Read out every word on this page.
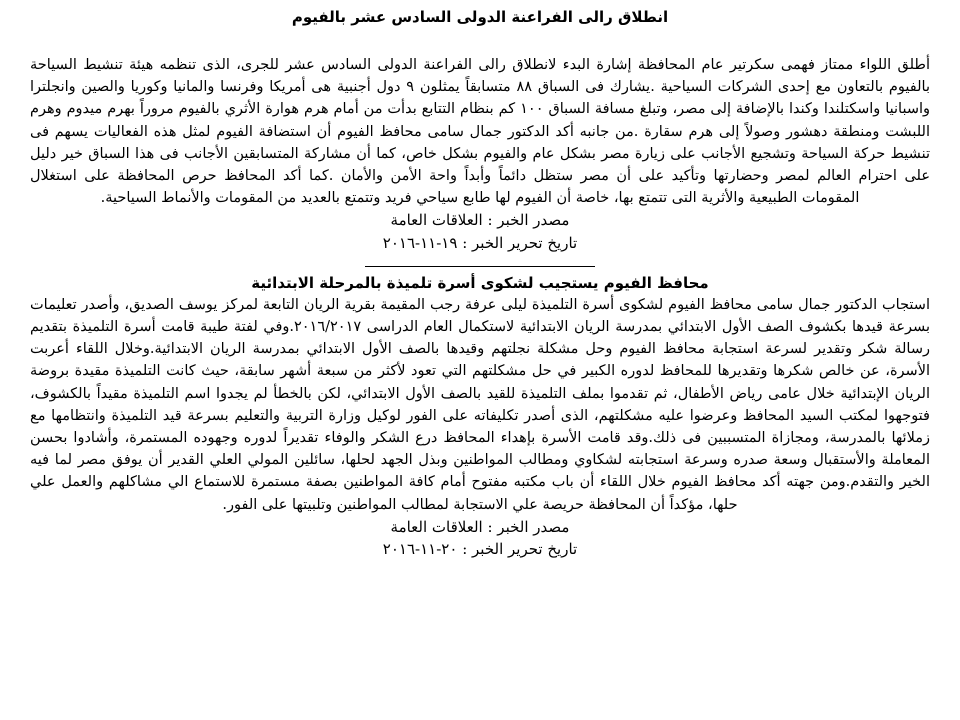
انطلاق رالى الفراعنة الدولى السادس عشر بالفيوم

أطلق اللواء ممتاز فهمى سكرتير عام المحافظة إشارة البدء لانطلاق رالى الفراعنة الدولى السادس عشر للجرى، الذى تنظمه هيئة تنشيط السياحة بالفيوم بالتعاون مع إحدى الشركات السياحية .يشارك فى السباق ٨٨ متسابقاً يمثلون ٩ دول أجنبية هى أمريكا وفرنسا والمانيا وكوريا والصين وانجلترا واسبانيا واسكتلندا وكندا بالإضافة إلى مصر، وتبلغ مسافة السباق ١٠٠ كم بنظام التتابع بدأت من أمام هرم هوارة الأثري بالفيوم مروراً بهرم ميدوم وهرم اللبشت ومنطقة دهشور وصولاً إلى هرم سقارة .من جانبه أكد الدكتور جمال سامى محافظ الفيوم أن استضافة الفيوم لمثل هذه الفعاليات يسهم فى تنشيط حركة السياحة وتشجيع الأجانب على زيارة مصر بشكل عام والفيوم بشكل خاص، كما أن مشاركة المتسابقين الأجانب فى هذا السباق خير دليل على احترام العالم لمصر وحضارتها وتأكيد على أن مصر ستظل دائماً وأبداً واحة الأمن والأمان .كما أكد المحافظ حرص المحافظة على استغلال المقومات الطبيعية والأثرية التى تتمتع بها، خاصة أن الفيوم لها طابع سياحي فريد وتتمتع بالعديد من المقومات والأنماط السياحية.

مصدر الخبر : العلاقات العامة

تاريخ تحرير الخبر : ١٩-١١-٢٠١٦

محافظ الفيوم يستجيب لشكوى أسرة تلميذة بالمرحلة الابتدائية

استجاب الدكتور جمال سامى محافظ الفيوم لشكوى أسرة التلميذة ليلى عرفة رجب المقيمة بقرية الريان التابعة لمركز يوسف الصديق، وأصدر تعليمات بسرعة قيدها بكشوف الصف الأول الابتدائي بمدرسة الريان الابتدائية لاستكمال العام الدراسى ٢٠١٦/٢٠١٧.وفي لفتة طيبة قامت أسرة التلميذة بتقديم رسالة شكر وتقدير لسرعة استجابة محافظ الفيوم وحل مشكلة نجلتهم وقيدها بالصف الأول الابتدائي بمدرسة الريان الابتدائية.وخلال اللقاء أعربت الأسرة، عن خالص شكرها وتقديرها للمحافظ لدوره الكبير في حل مشكلتهم التي تعود لأكثر من سبعة أشهر سابقة، حيث كانت التلميذة مقيدة بروضة الريان الإبتدائية خلال عامى رياض الأطفال، ثم تقدموا بملف التلميذة للقيد بالصف الأول الابتدائي، لكن بالخطأ لم يجدوا اسم التلميذة مقيداً بالكشوف، فتوجهوا لمكتب السيد المحافظ وعرضوا عليه مشكلتهم، الذى أصدر تكليفاته على الفور لوكيل وزارة التربية والتعليم بسرعة قيد التلميذة وانتظامها مع زملائها بالمدرسة، ومجازاة المتسببين فى ذلك.وقد قامت الأسرة بإهداء المحافظ درع الشكر والوفاء تقديراً لدوره وجهوده المستمرة، وأشادوا بحسن المعاملة والأستقبال وسعة صدره وسرعة استجابته لشكاوي ومطالب المواطنين وبذل الجهد لحلها، سائلين المولي العلي القدير أن يوفق مصر لما فيه الخير والتقدم.ومن جهته أكد محافظ الفيوم خلال اللقاء أن باب مكتبه مفتوح أمام كافة المواطنين بصفة مستمرة للاستماع الي مشاكلهم والعمل علي حلها، مؤكداً أن المحافظة حريصة علي الاستجابة لمطالب المواطنين وتلبيتها على الفور.

مصدر الخبر : العلاقات العامة

تاريخ تحرير الخبر : ٢٠-١١-٢٠١٦
